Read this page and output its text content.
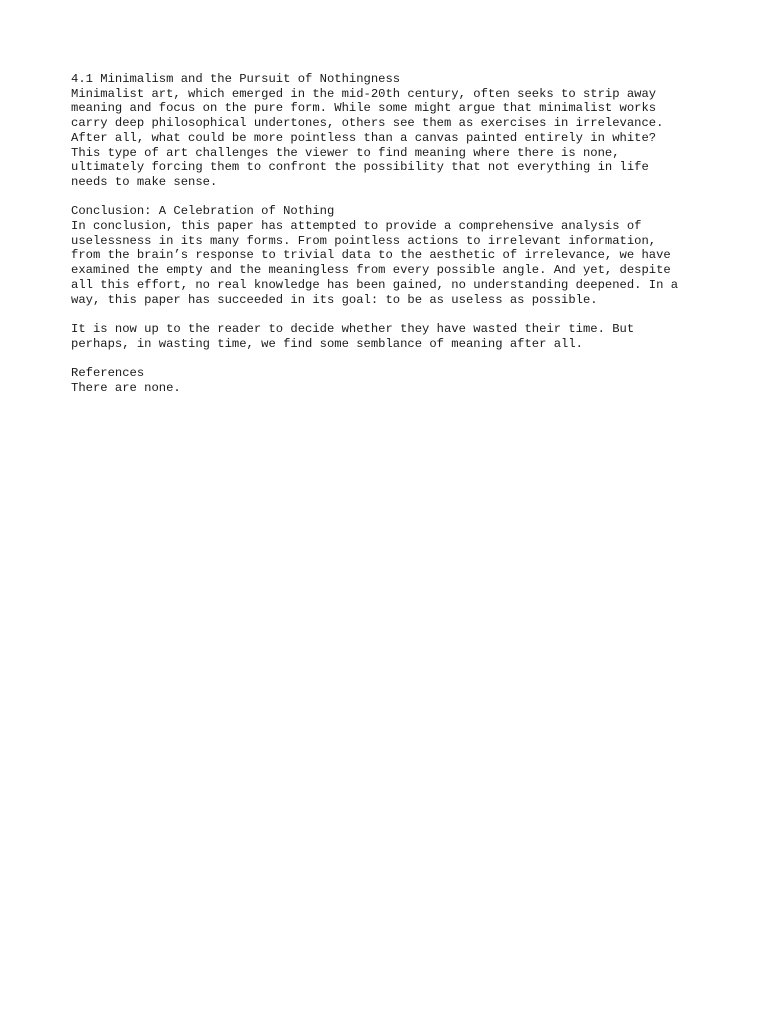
4.1 Minimalism and the Pursuit of Nothingness
Minimalist art, which emerged in the mid-20th century, often seeks to strip away
meaning and focus on the pure form. While some might argue that minimalist works
carry deep philosophical undertones, others see them as exercises in irrelevance.
After all, what could be more pointless than a canvas painted entirely in white?
This type of art challenges the viewer to find meaning where there is none,
ultimately forcing them to confront the possibility that not everything in life
needs to make sense.
Conclusion: A Celebration of Nothing
In conclusion, this paper has attempted to provide a comprehensive analysis of
uselessness in its many forms. From pointless actions to irrelevant information,
from the brain’s response to trivial data to the aesthetic of irrelevance, we have
examined the empty and the meaningless from every possible angle. And yet, despite
all this effort, no real knowledge has been gained, no understanding deepened. In a
way, this paper has succeeded in its goal: to be as useless as possible.
It is now up to the reader to decide whether they have wasted their time. But
perhaps, in wasting time, we find some semblance of meaning after all.
References
There are none.
